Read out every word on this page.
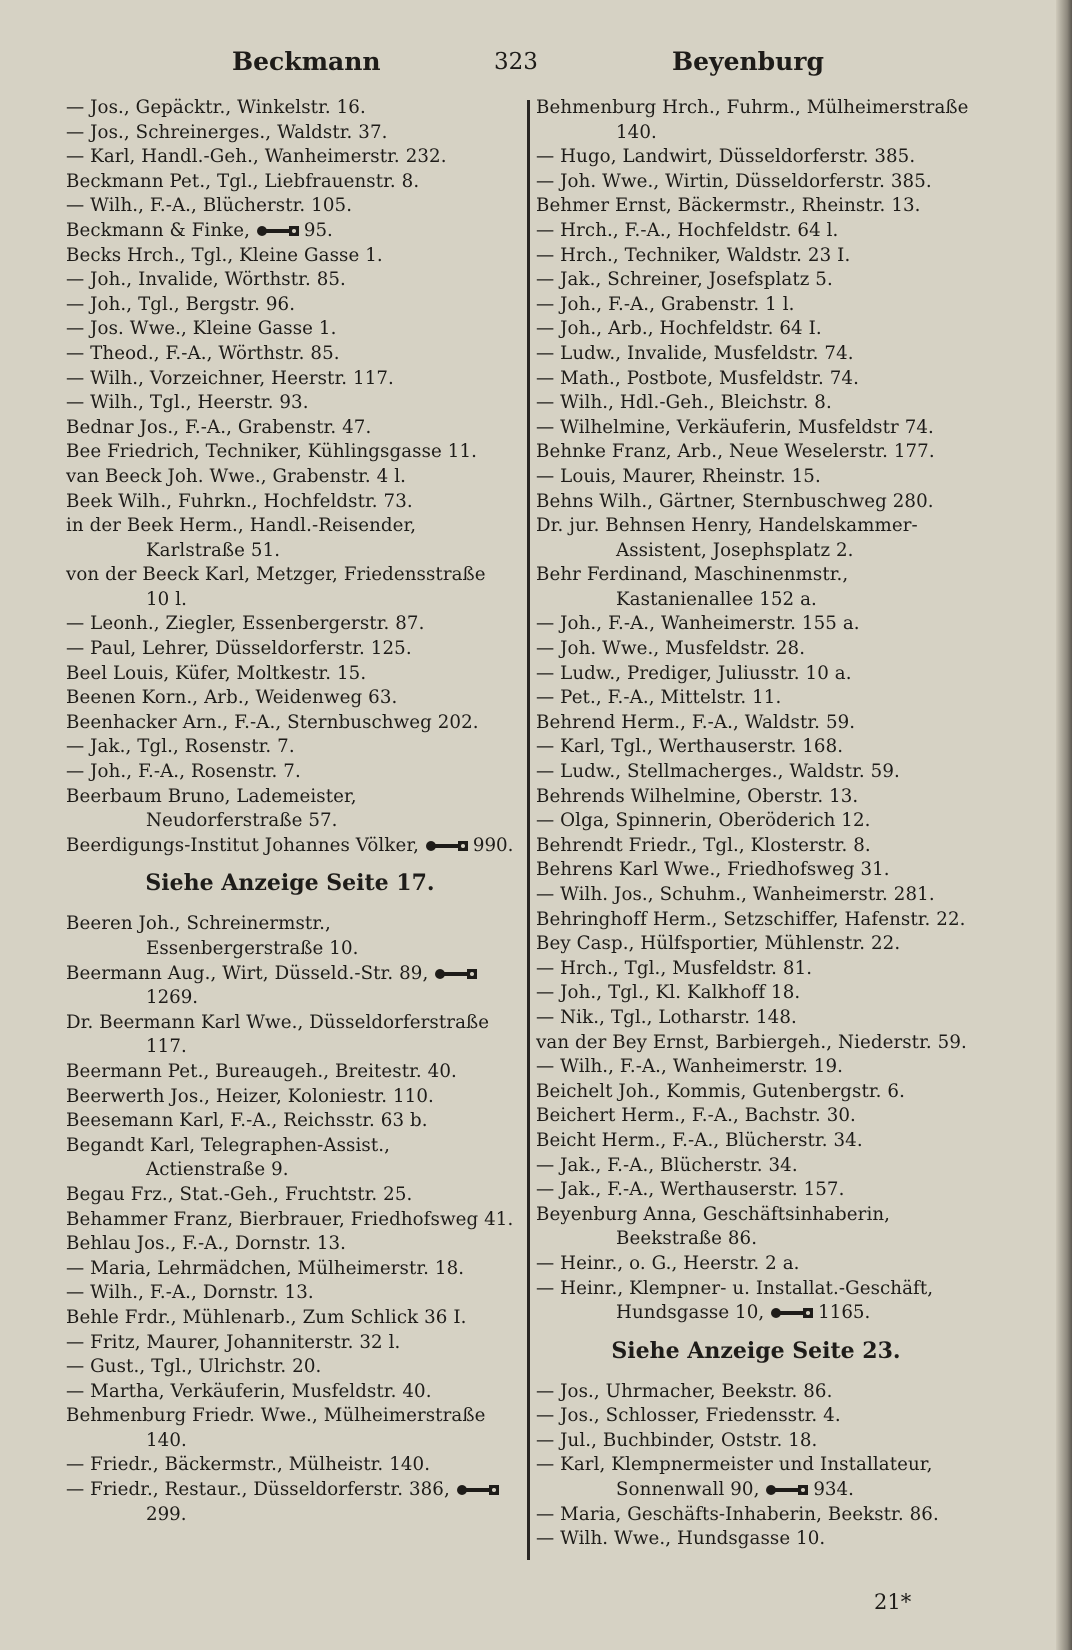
Beckmann	323	Beyenburg
— Jos., Gepäcktr., Winkelstr. 16.
— Jos., Schreinerges., Waldstr. 37.
— Karl, Handl.-Geh., Wanheimerstr. 232.
Beckmann Pet., Tgl., Liebfrauenstr. 8.
— Wilh., F.-A., Blücherstr. 105.
Beckmann & Finke,	95.
Becks Hrch., Tgl., Kleine Gasse 1.
— Joh., Invalide, Wörthstr. 85.
— Joh., Tgl., Bergstr. 96.
— Jos. Wwe., Kleine Gasse 1.
— Theod., F.-A., Wörthstr. 85.
— Wilh., Vorzeichner, Heerstr. 117.
— Wilh., Tgl., Heerstr. 93.
Bednar Jos., F.-A., Grabenstr. 47.
Bee Friedrich, Techniker, Kühlingsgasse 11.
van Beeck Joh. Wwe., Grabenstr. 4 l.
Beek Wilh., Fuhrkn., Hochfeldstr. 73.
in der Beek Herm., Handl.-Reisender, Karlstraße 51.
von der Beeck Karl, Metzger, Friedensstraße 10 l.
— Leonh., Ziegler, Essenbergerstr. 87.
— Paul, Lehrer, Düsseldorferstr. 125.
Beel Louis, Küfer, Moltkestr. 15.
Beenen Korn., Arb., Weidenweg 63.
Beenhacker Arn., F.-A., Sternbuschweg 202.
— Jak., Tgl., Rosenstr. 7.
— Joh., F.-A., Rosenstr. 7.
Beerbaum Bruno, Lademeister, Neudorferstraße 57.
Beerdigungs-Institut Johannes Völker,	990.
Siehe Anzeige Seite 17.
Beeren Joh., Schreinermstr., Essenbergerstraße 10.
Beermann Aug., Wirt, Düsseld.-Str. 89, 1269.
Dr. Beermann Karl Wwe., Düsseldorferstraße 117.
Beermann Pet., Bureaugeh., Breitestr. 40.
Beerwerth Jos., Heizer, Koloniestr. 110.
Beesemann Karl, F.-A., Reichsstr. 63 b.
Begandt Karl, Telegraphen-Assist., Actienstraße 9.
Begau Frz., Stat.-Geh., Fruchtstr. 25.
Behammer Franz, Bierbrauer, Friedhofsweg 41.
Behlau Jos., F.-A., Dornstr. 13.
— Maria, Lehrmädchen, Mülheimerstr. 18.
— Wilh., F.-A., Dornstr. 13.
Behle Frdr., Mühlenarb., Zum Schlick 36 I.
— Fritz, Maurer, Johanniterstr. 32 l.
— Gust., Tgl., Ulrichstr. 20.
— Martha, Verkäuferin, Musfeldstr. 40.
Behmenburg Friedr. Wwe., Mülheimerstraße 140.
— Friedr., Bäckermstr., Mülheistr. 140.
— Friedr., Restaur., Düsseldorferstr. 386, 299.
Behmenburg Hrch., Fuhrm., Mülheimerstraße 140.
— Hugo, Landwirt, Düsseldorferstr. 385.
— Joh. Wwe., Wirtin, Düsseldorferstr. 385.
Behmer Ernst, Bäckermstr., Rheinstr. 13.
— Hrch., F.-A., Hochfeldstr. 64 l.
— Hrch., Techniker, Waldstr. 23 I.
— Jak., Schreiner, Josefsplatz 5.
— Joh., F.-A., Grabenstr. 1 l.
— Joh., Arb., Hochfeldstr. 64 I.
— Ludw., Invalide, Musfeldstr. 74.
— Math., Postbote, Musfeldstr. 74.
— Wilh., Hdl.-Geh., Bleichstr. 8.
— Wilhelmine, Verkäuferin, Musfeldstr 74.
Behnke Franz, Arb., Neue Weselerstr. 177.
— Louis, Maurer, Rheinstr. 15.
Behns Wilh., Gärtner, Sternbuschweg 280.
Dr. jur. Behnsen Henry, Handelskammer-Assistent, Josephsplatz 2.
Behr Ferdinand, Maschinenmstr., Kastanienallee 152 a.
— Joh., F.-A., Wanheimerstr. 155 a.
— Joh. Wwe., Musfeldstr. 28.
— Ludw., Prediger, Juliusstr. 10 a.
— Pet., F.-A., Mittelstr. 11.
Behrend Herm., F.-A., Waldstr. 59.
— Karl, Tgl., Werthauserstr. 168.
— Ludw., Stellmacherges., Waldstr. 59.
Behrends Wilhelmine, Oberstr. 13.
— Olga, Spinnerin, Oberöderich 12.
Behrendt Friedr., Tgl., Klosterstr. 8.
Behrens Karl Wwe., Friedhofsweg 31.
— Wilh. Jos., Schuhm., Wanheimerstr. 281.
Behringhoff Herm., Setzschiffer, Hafenstr. 22.
Bey Casp., Hülfsportier, Mühlenstr. 22.
— Hrch., Tgl., Musfeldstr. 81.
— Joh., Tgl., Kl. Kalkhoff 18.
— Nik., Tgl., Lotharstr. 148.
van der Bey Ernst, Barbiergeh., Niederstr. 59.
— Wilh., F.-A., Wanheimerstr. 19.
Beichelt Joh., Kommis, Gutenbergstr. 6.
Beichert Herm., F.-A., Bachstr. 30.
Beicht Herm., F.-A., Blücherstr. 34.
— Jak., F.-A., Blücherstr. 34.
— Jak., F.-A., Werthauserstr. 157.
Beyenburg Anna, Geschäftsinhaberin, Beekstraße 86.
— Heinr., o. G., Heerstr. 2 a.
— Heinr., Klempner- u. Installat.-Geschäft, Hundsgasse 10,	1165.
Siehe Anzeige Seite 23.
— Jos., Uhrmacher, Beekstr. 86.
— Jos., Schlosser, Friedensstr. 4.
— Jul., Buchbinder, Oststr. 18.
— Karl, Klempnermeister und Installateur, Sonnenwall 90,	934.
— Maria, Geschäfts-Inhaberin, Beekstr. 86.
— Wilh. Wwe., Hundsgasse 10.
21*
